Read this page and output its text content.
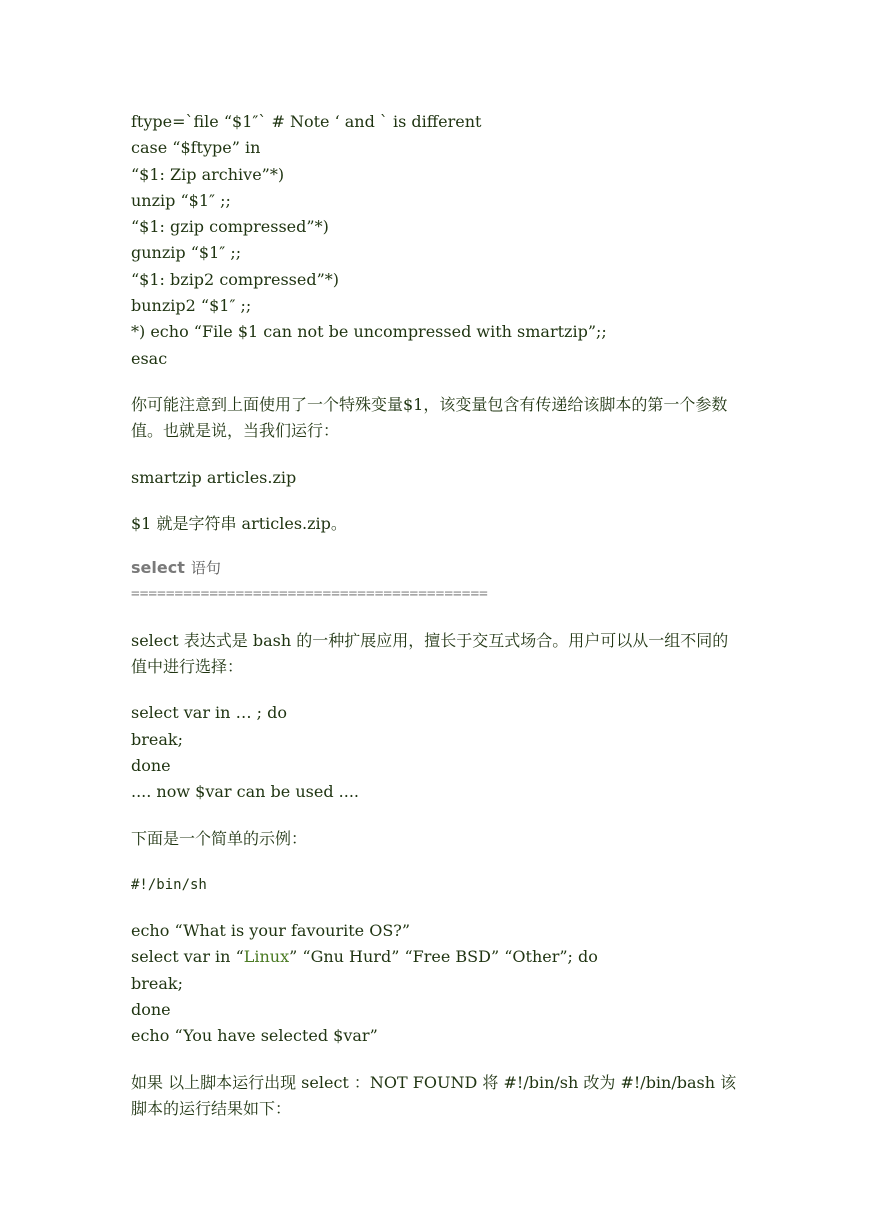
ftype=`file “$1″` # Note ‘ and ` is different
case “$ftype” in
“$1: Zip archive”*)
unzip “$1″ ;;
“$1: gzip compressed”*)
gunzip “$1″ ;;
“$1: bzip2 compressed”*)
bunzip2 “$1″ ;;
*) echo “File $1 can not be uncompressed with smartzip”;;
esac
你可能注意到上面使用了一个特殊变量$1，该变量包含有传递给该脚本的第一个参数值。也就是说，当我们运行：
smartzip articles.zip
$1 就是字符串 articles.zip。
select 语句
=========================================
select 表达式是 bash 的一种扩展应用，擅长于交互式场合。用户可以从一组不同的值中进行选择：
select var in … ; do
break;
done
.... now $var can be used ....
下面是一个简单的示例：
#!/bin/sh
echo “What is your favourite OS?”
select var in “Linux” “Gnu Hurd” “Free BSD” “Other”; do
break;
done
echo “You have selected $var”
如果 以上脚本运行出现 select ：NOT FOUND 将 #!/bin/sh 改为 #!/bin/bash 该脚本的运行结果如下：
